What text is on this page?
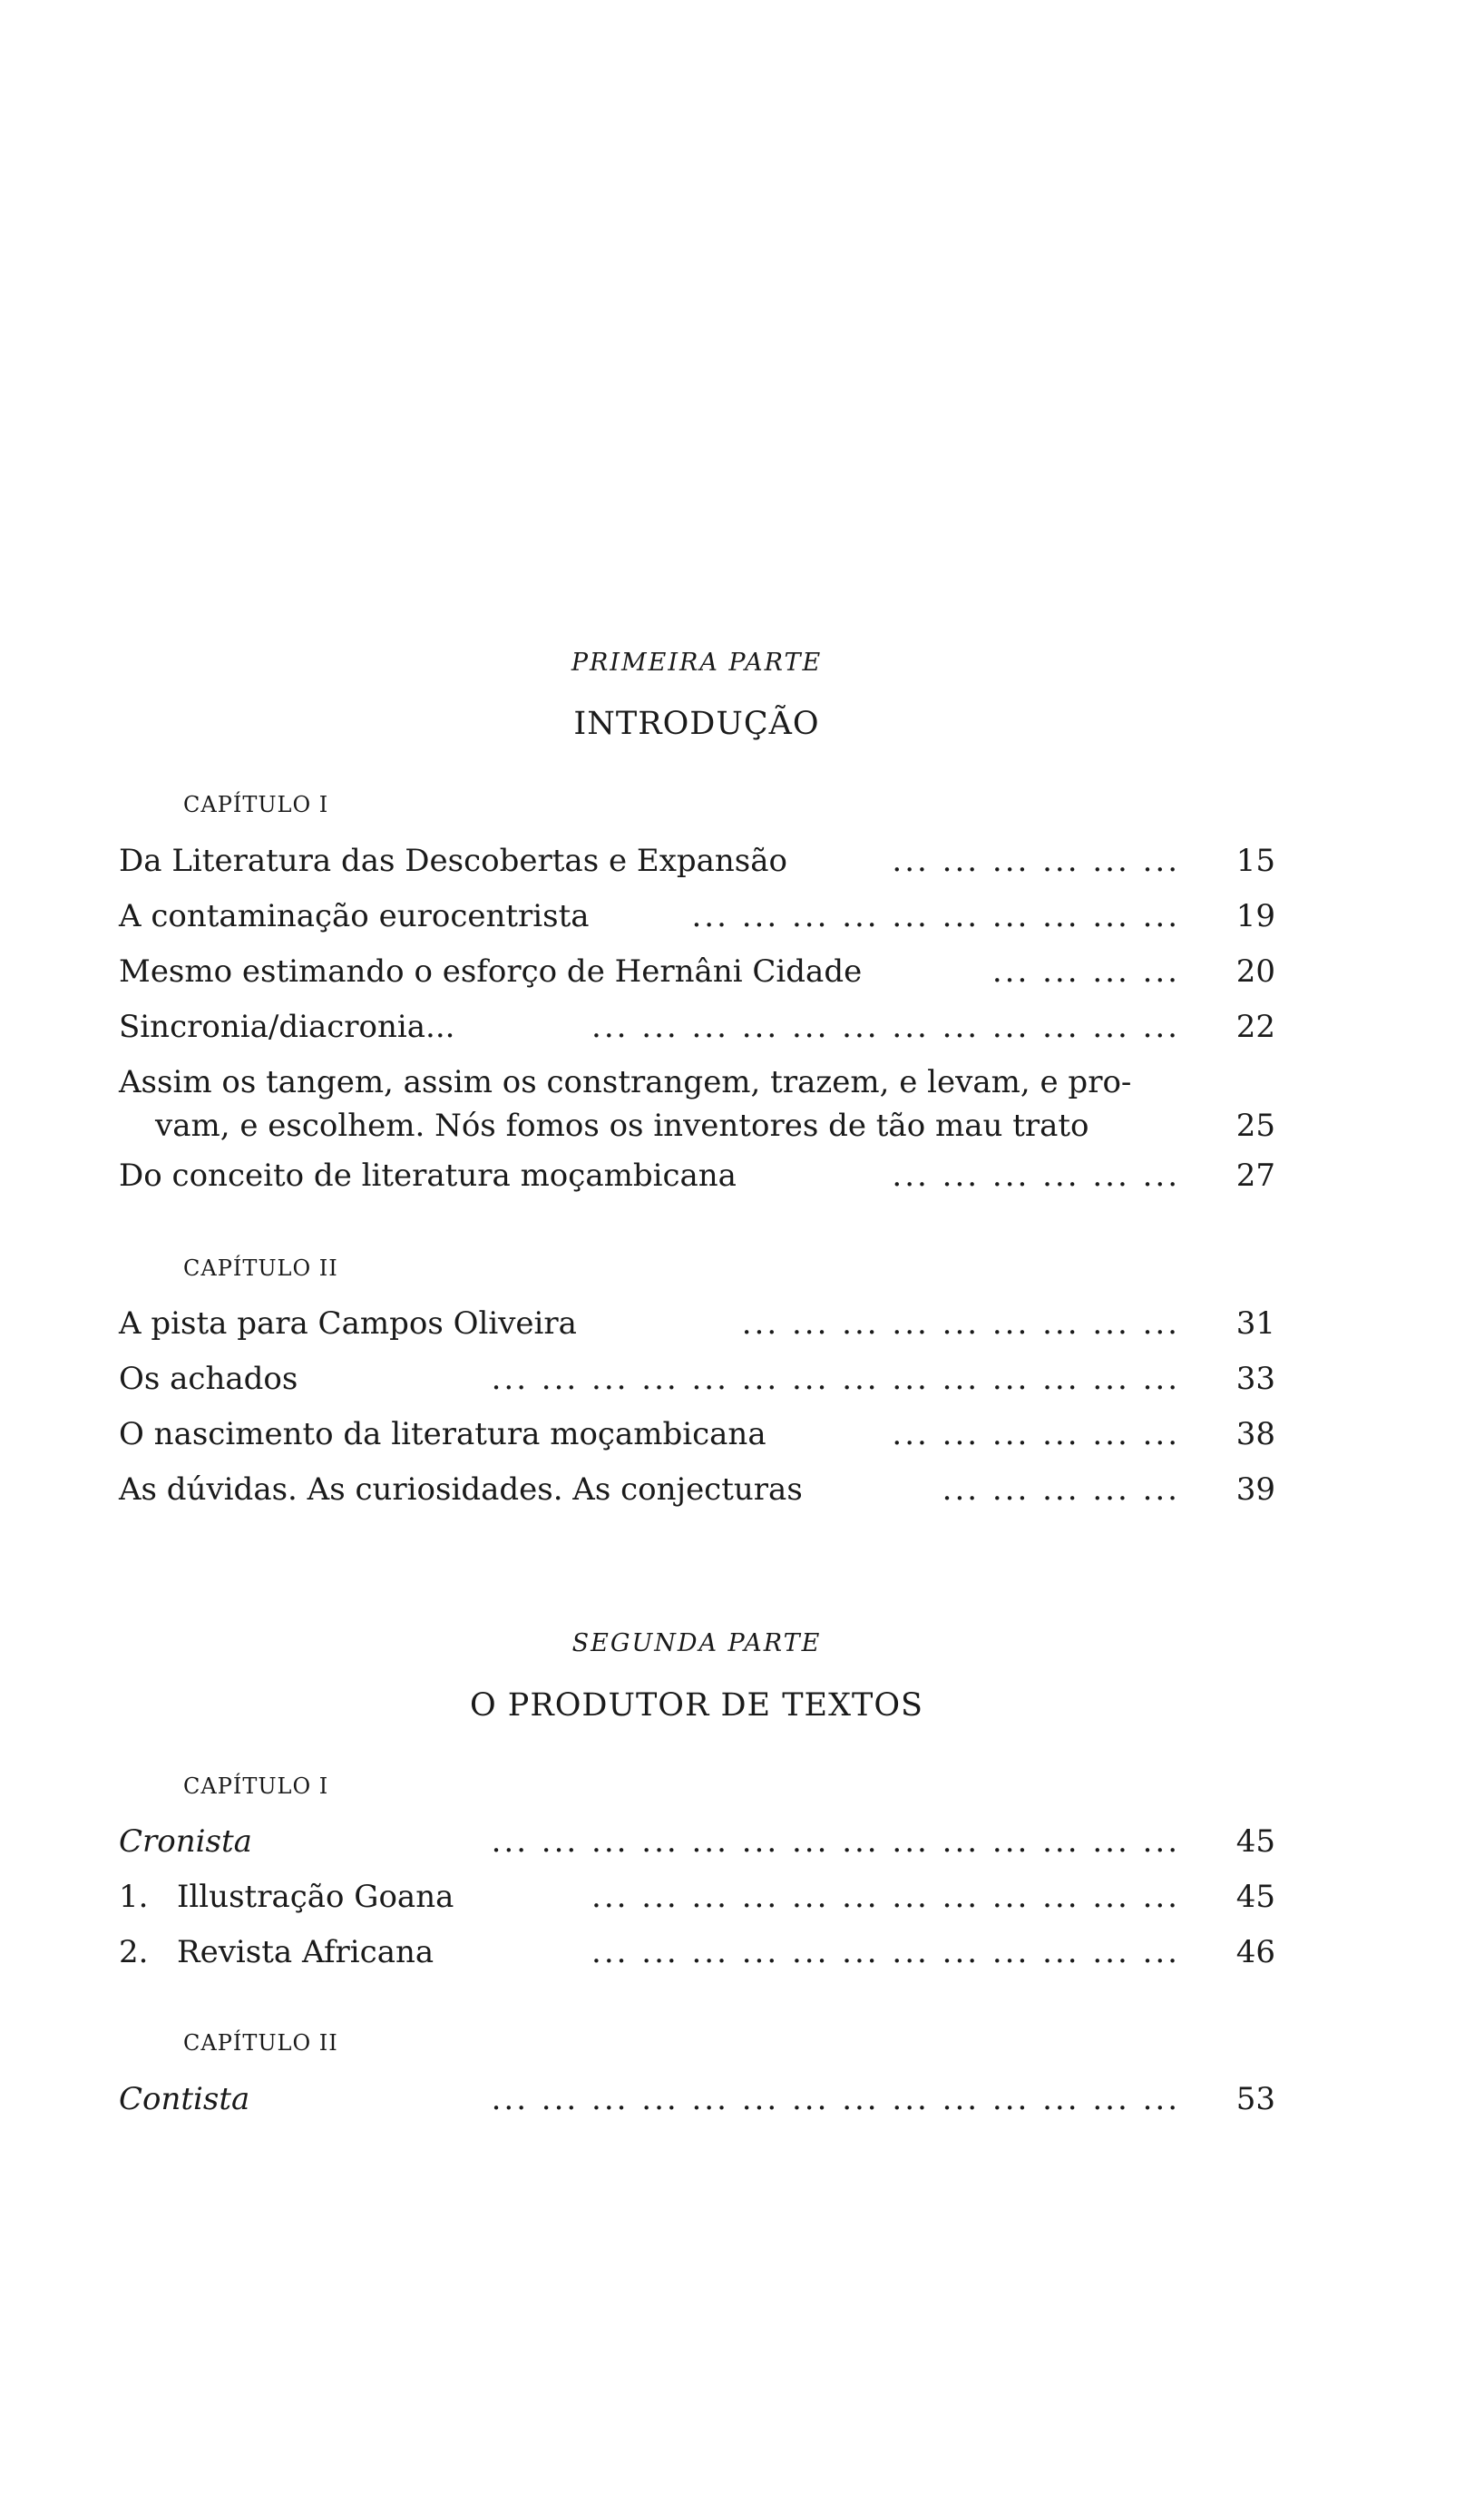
PRIMEIRA PARTE
INTRODUÇÃO
CAPÍTULO I
Da Literatura das Descobertas e Expansão	... ... ... ... ... ...	15
A contaminação eurocentrista	... ... ... ... ... ... ... ... ... ...	19
Mesmo estimando o esforço de Hernâni Cidade	... ... ... ...	20
Sincronia/diacronia...	... ... ... ... ... ... ... ... ... ... ... ...	22
Assim os tangem, assim os constrangem, trazem, e levam, e pro-
vam, e escolhem. Nós fomos os inventores de tão mau trato	25
Do conceito de literatura moçambicana	... ... ... ... ... ...	27
CAPÍTULO II
A pista para Campos Oliveira	... ... ... ... ... ... ... ... ...	31
Os achados	... ... ... ... ... ... ... ... ... ... ... ... ... ...	33
O nascimento da literatura moçambicana	... ... ... ... ... ...	38
As dúvidas. As curiosidades. As conjecturas	... ... ... ... ...	39
SEGUNDA PARTE
O PRODUTOR DE TEXTOS
CAPÍTULO I
Cronista	... ... ... ... ... ... ... ... ... ... ... ... ... ...	45
1. Illustração Goana	... ... ... ... ... ... ... ... ... ... ... ...	45
2. Revista Africana	... ... ... ... ... ... ... ... ... ... ... ...	46
CAPÍTULO II
Contista	... ... ... ... ... ... ... ... ... ... ... ... ... ...	53
